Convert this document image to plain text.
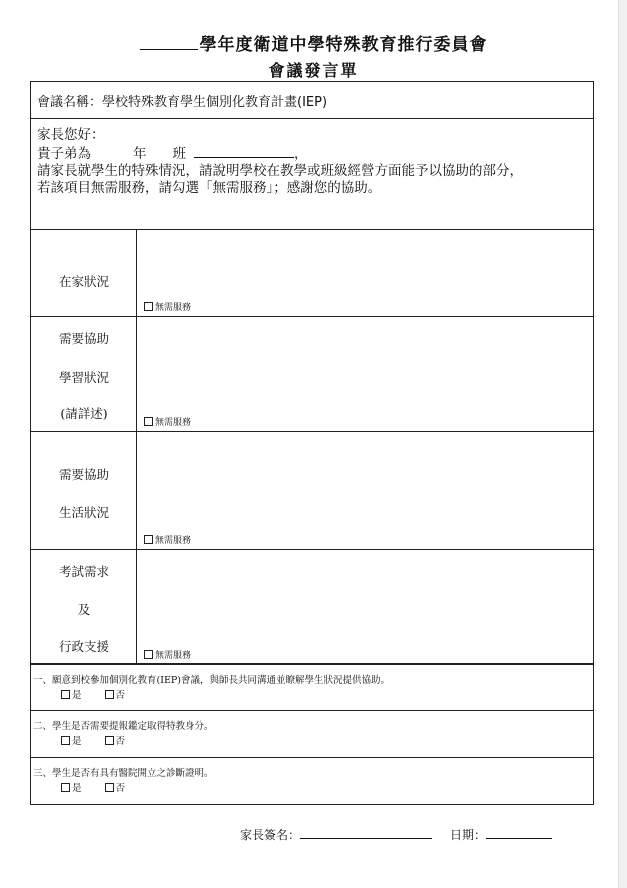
學年度衛道中學特殊教育推行委員會
會議發言單
會議名稱：學校特殊教育學生個別化教育計畫(IEP)
家長您好：
貴子弟為	年 班	，
請家長就學生的特殊情況，請說明學校在教學或班級經營方面能予以協助的部分，
若該項目無需服務，請勾選「無需服務」；感謝您的協助。
在家狀況
無需服務
需要協助
學習狀況
(請詳述)
無需服務
需要協助
生活狀況
無需服務
考試需求
及
行政支援
無需服務
一、願意到校參加個別化教育(IEP)會議，與師長共同溝通並瞭解學生狀況提供協助。
是	否
二、學生是否需要提報鑑定取得特教身分。
是	否
三、學生是否有具有醫院開立之診斷證明。
是	否
家長簽名：	日期：
